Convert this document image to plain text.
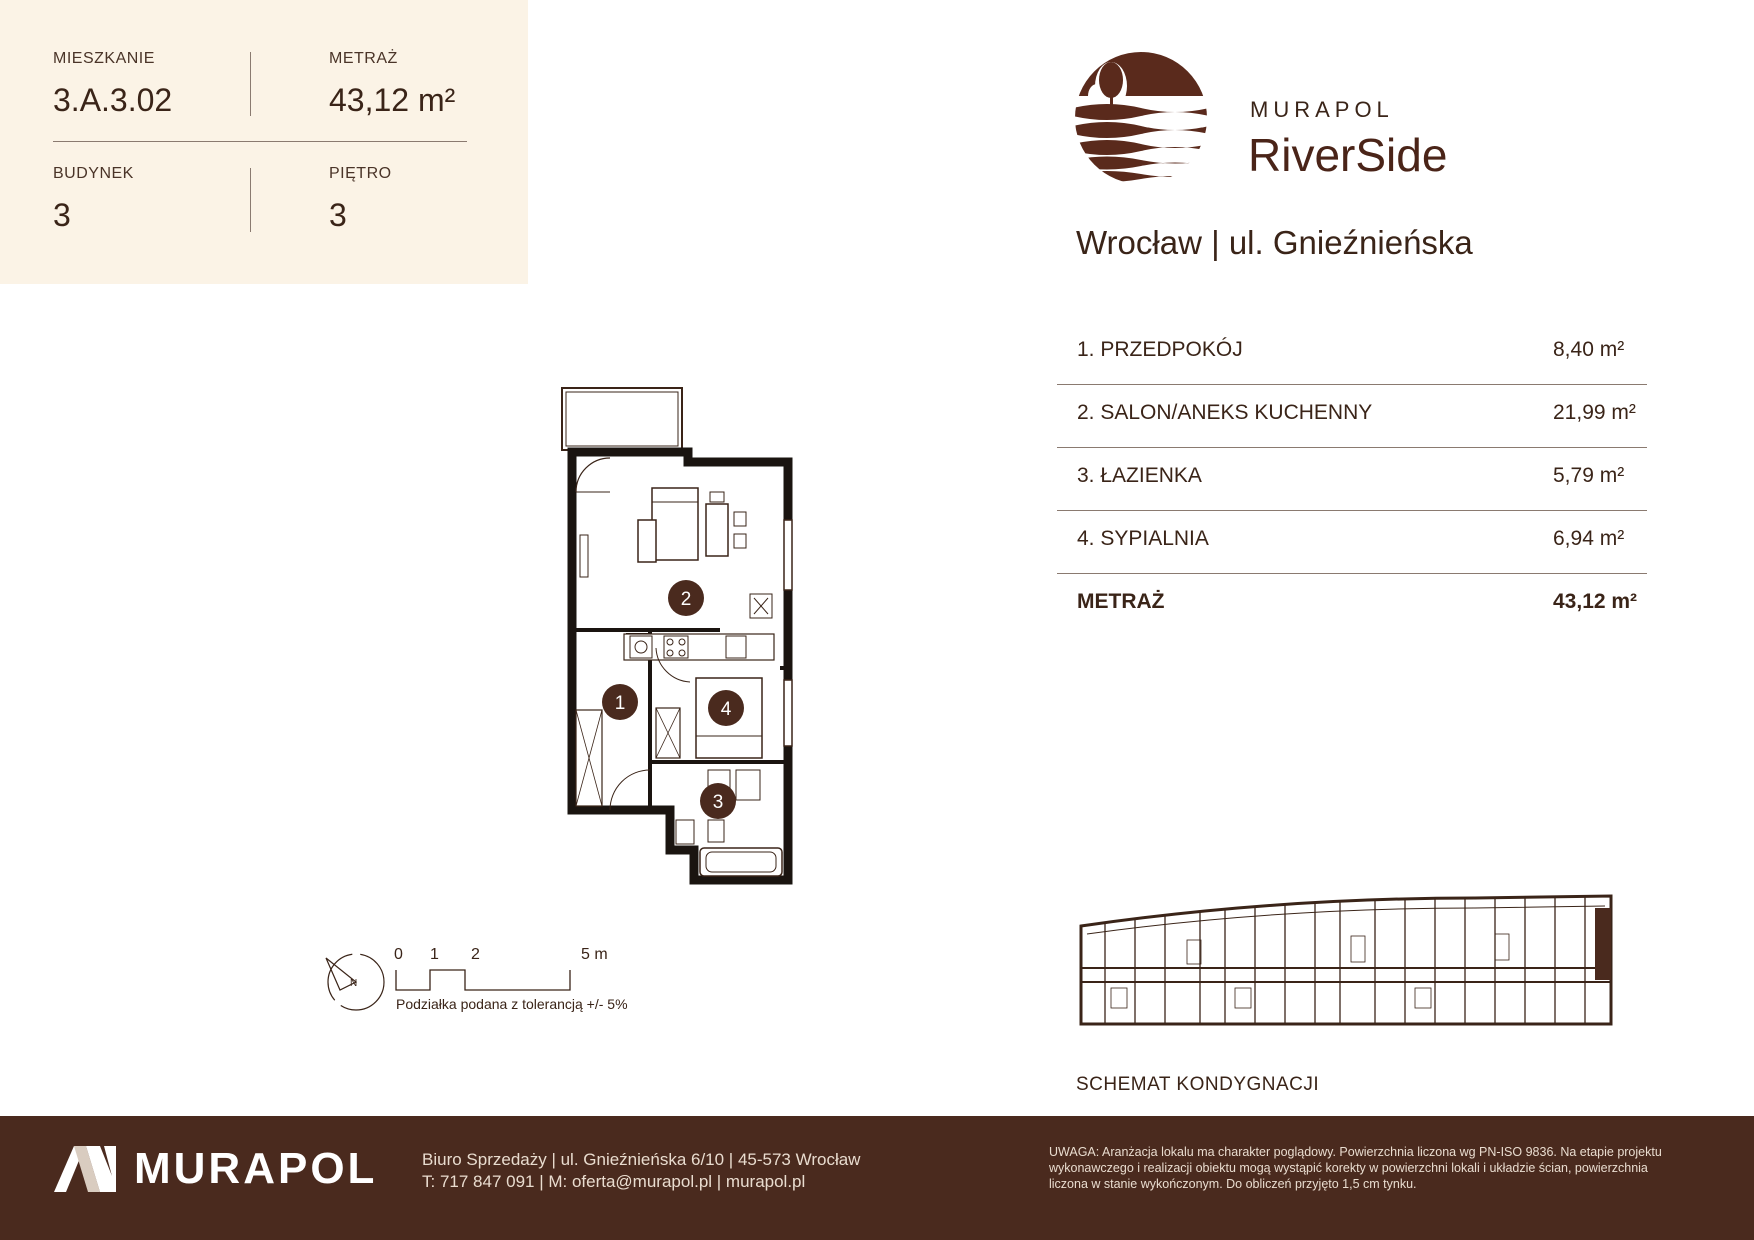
MIESZKANIE
3.A.3.02
METRAŻ
43,12 m²
BUDYNEK
3
PIĘTRO
3
MURAPOL
RiverSide
Wrocław | ul. Gnieźnieńska
1. PRZEDPOKÓJ	8,40 m²
2. SALON/ANEKS KUCHENNY	21,99 m²
3. ŁAZIENKA	5,79 m²
4. SYPIALNIA	6,94 m²
METRAŻ	43,12 m²
2
1	4
3
N
0 1 2	5 m
Podziałka podana z tolerancją +/- 5%
SCHEMAT KONDYGNACJI
MURAPOL	Biuro Sprzedaży | ul. Gnieźnieńska 6/10 | 45-573 Wrocław
T: 717 847 091 | M: oferta@murapol.pl | murapol.pl
UWAGA: Aranżacja lokalu ma charakter poglądowy. Powierzchnia liczona wg PN-ISO 9836. Na etapie projektu wykonawczego i realizacji obiektu mogą wystąpić korekty w powierzchni lokali i układzie ścian, powierzchnia liczona w stanie wykończonym. Do obliczeń przyjęto 1,5 cm tynku.
